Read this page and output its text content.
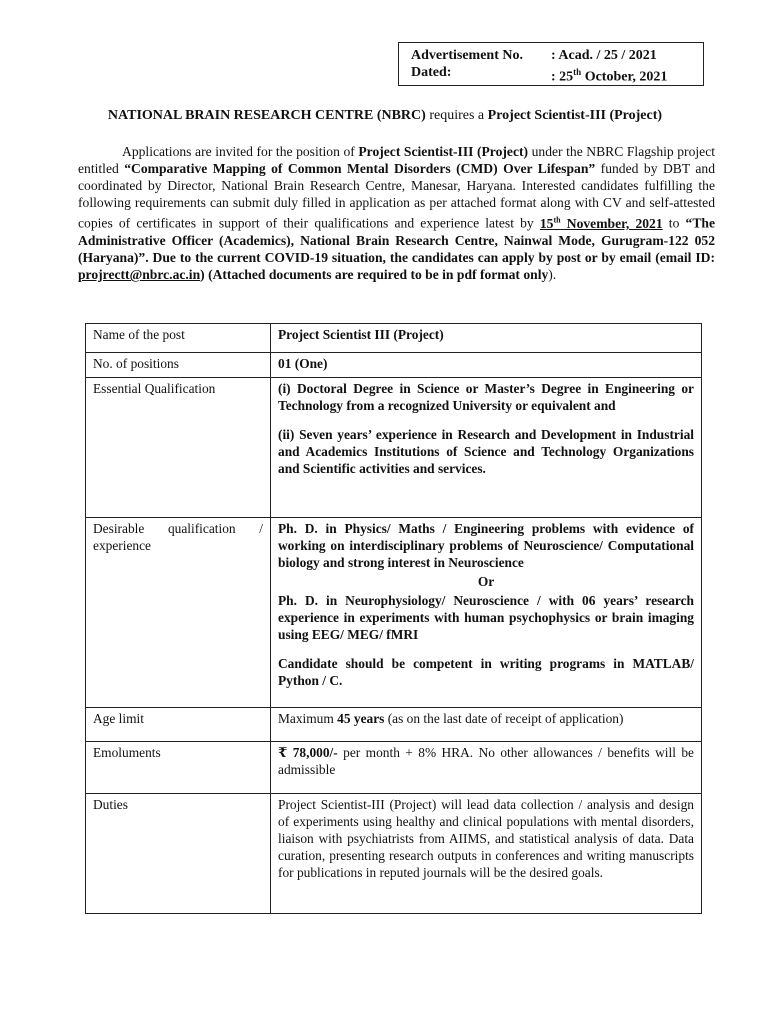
Advertisement No.	: Acad. / 25 / 2021
Dated:	: 25th October, 2021
NATIONAL BRAIN RESEARCH CENTRE (NBRC) requires a Project Scientist-III (Project)
Applications are invited for the position of Project Scientist-III (Project) under the NBRC Flagship project entitled “Comparative Mapping of Common Mental Disorders (CMD) Over Lifespan” funded by DBT and coordinated by Director, National Brain Research Centre, Manesar, Haryana. Interested candidates fulfilling the following requirements can submit duly filled in application as per attached format along with CV and self-attested copies of certificates in support of their qualifications and experience latest by 15th November, 2021 to “The Administrative Officer (Academics), National Brain Research Centre, Nainwal Mode, Gurugram-122 052 (Haryana)”. Due to the current COVID-19 situation, the candidates can apply by post or by email (email ID: projrectt@nbrc.ac.in) (Attached documents are required to be in pdf format only).
Name of the post	Project Scientist III (Project)

No. of positions	01 (One)

Essential Qualification	(i) Doctoral Degree in Science or Master’s Degree in Engineering or Technology from a recognized University or equivalent and
(ii) Seven years’ experience in Research and Development in Industrial and Academics Institutions of Science and Technology Organizations and Scientific activities and services.

Desirable qualification / experience	Ph. D. in Physics/ Maths / Engineering problems with evidence of working on interdisciplinary problems of Neuroscience/ Computational biology and strong interest in Neuroscience
Or
Ph. D. in Neurophysiology/ Neuroscience / with 06 years’ research experience in experiments with human psychophysics or brain imaging using EEG/ MEG/ fMRI
Candidate should be competent in writing programs in MATLAB/ Python / C.

Age limit	Maximum 45 years (as on the last date of receipt of application)

Emoluments	₹ 78,000/- per month + 8% HRA. No other allowances / benefits will be admissible

Duties	Project Scientist-III (Project) will lead data collection / analysis and design of experiments using healthy and clinical populations with mental disorders, liaison with psychiatrists from AIIMS, and statistical analysis of data. Data curation, presenting research outputs in conferences and writing manuscripts for publications in reputed journals will be the desired goals.
